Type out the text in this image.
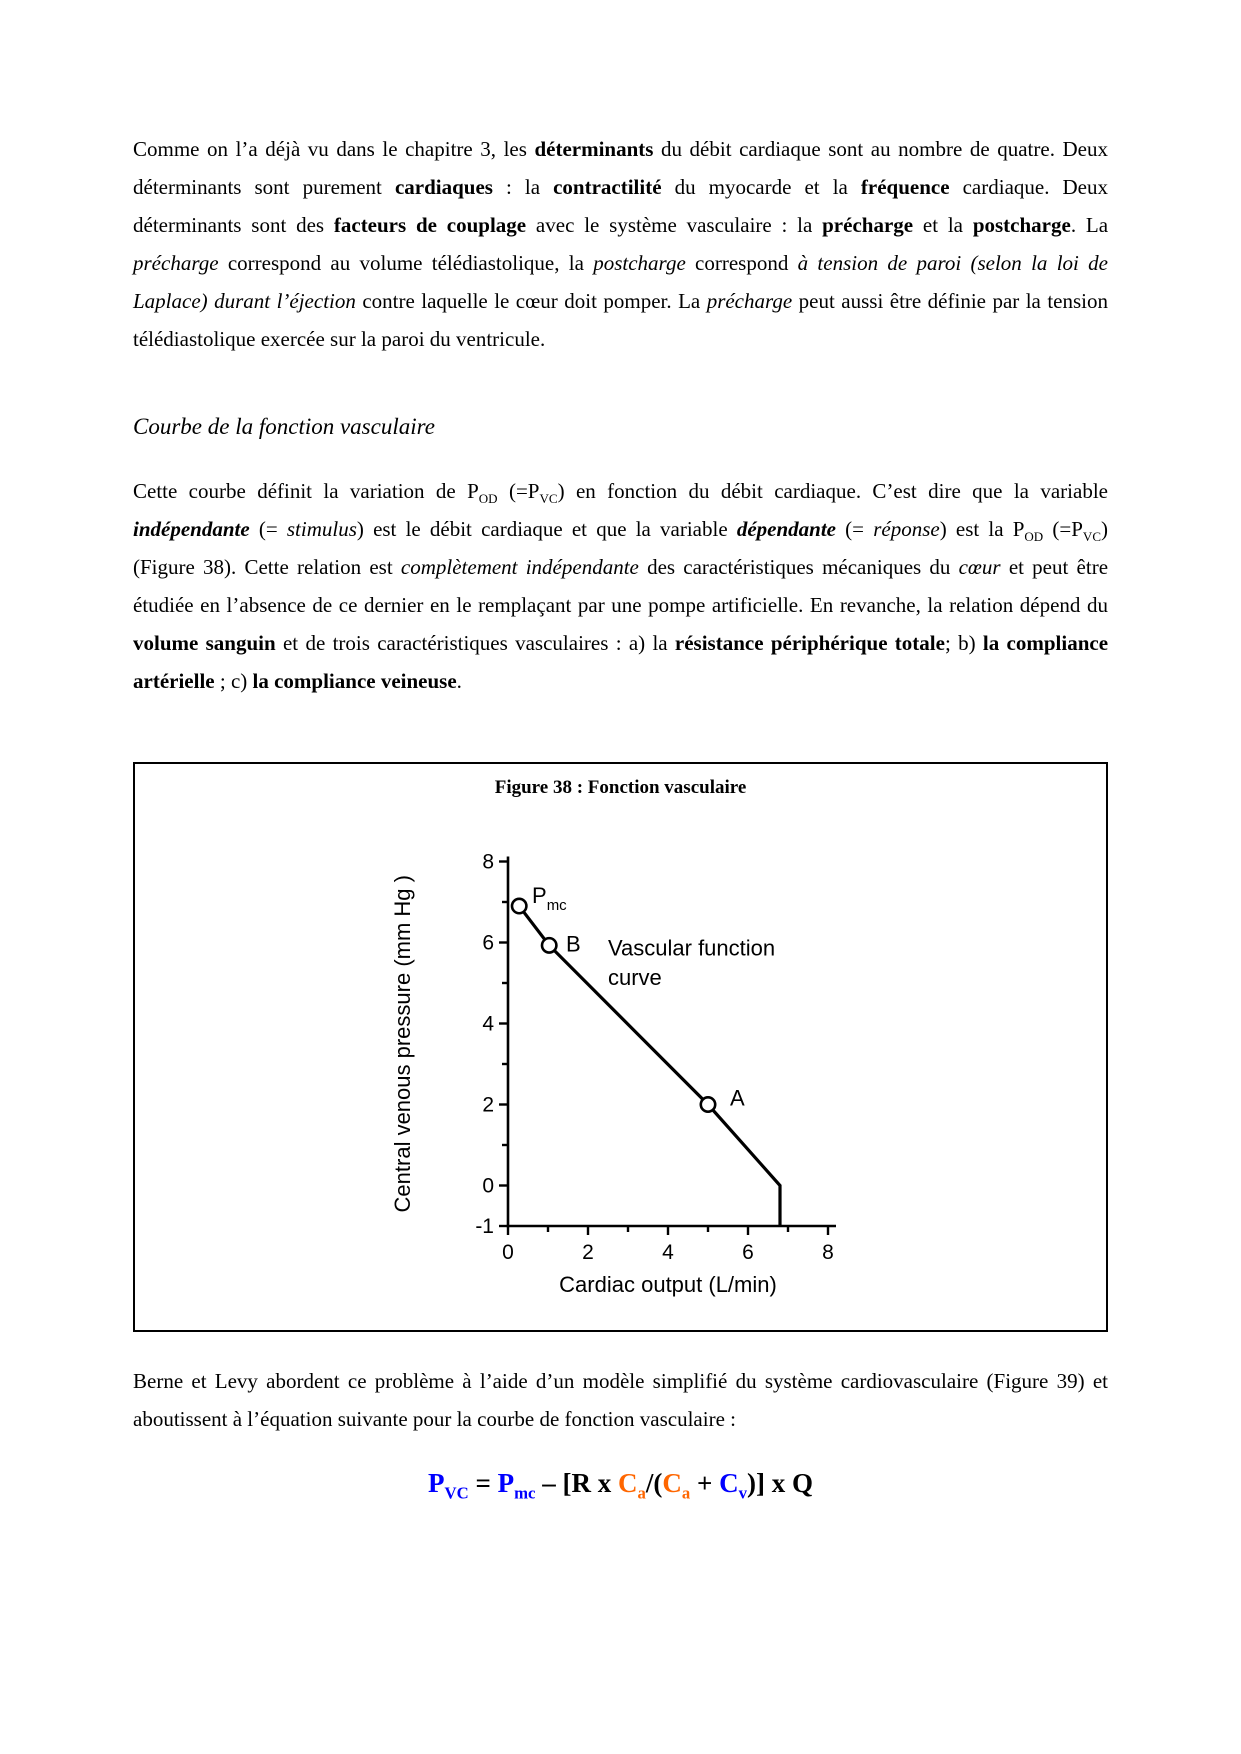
Comme on l’a déjà vu dans le chapitre 3, les déterminants du débit cardiaque sont au nombre de quatre. Deux déterminants sont purement cardiaques : la contractilité du myocarde et la fréquence cardiaque. Deux déterminants sont des facteurs de couplage avec le système vasculaire : la précharge et la postcharge. La précharge correspond au volume télédiastolique, la postcharge correspond à tension de paroi (selon la loi de Laplace) durant l’éjection contre laquelle le cœur doit pomper. La précharge peut aussi être définie par la tension télédiastolique exercée sur la paroi du ventricule.

Courbe de la fonction vasculaire

Cette courbe définit la variation de $P_{OD}$ $(=P_{VC})$ en fonction du débit cardiaque. C’est dire que la variable indépendante (= stimulus) est le débit cardiaque et que la variable dépendante (= réponse) est la $P_{OD}$ $(=P_{VC})$ (Figure 38). Cette relation est complètement indépendante des caractéristiques mécaniques du cœur et peut être étudiée en l’absence de ce dernier en le remplaçant par une pompe artificielle. En revanche, la relation dépend du volume sanguin et de trois caractéristiques vasculaires : a) la résistance périphérique totale; b) la compliance artérielle ; c) la compliance veineuse.

Figure 38 : Fonction vasculaire
8
6
4
2
0
-1
0	2	4	6	8
Cardiac output (L/min)
Central venous pressure (mm Hg )	$P_{mc}$
B
A
Vascular function
curve

Berne et Levy abordent ce problème à l’aide d’un modèle simplifié du système cardiovasculaire (Figure 39) et aboutissent à l’équation suivante pour la courbe de fonction vasculaire :

$P_{VC} = P_{mc} - [R$ x $C_a/(C_a + C_v)$] x Q
